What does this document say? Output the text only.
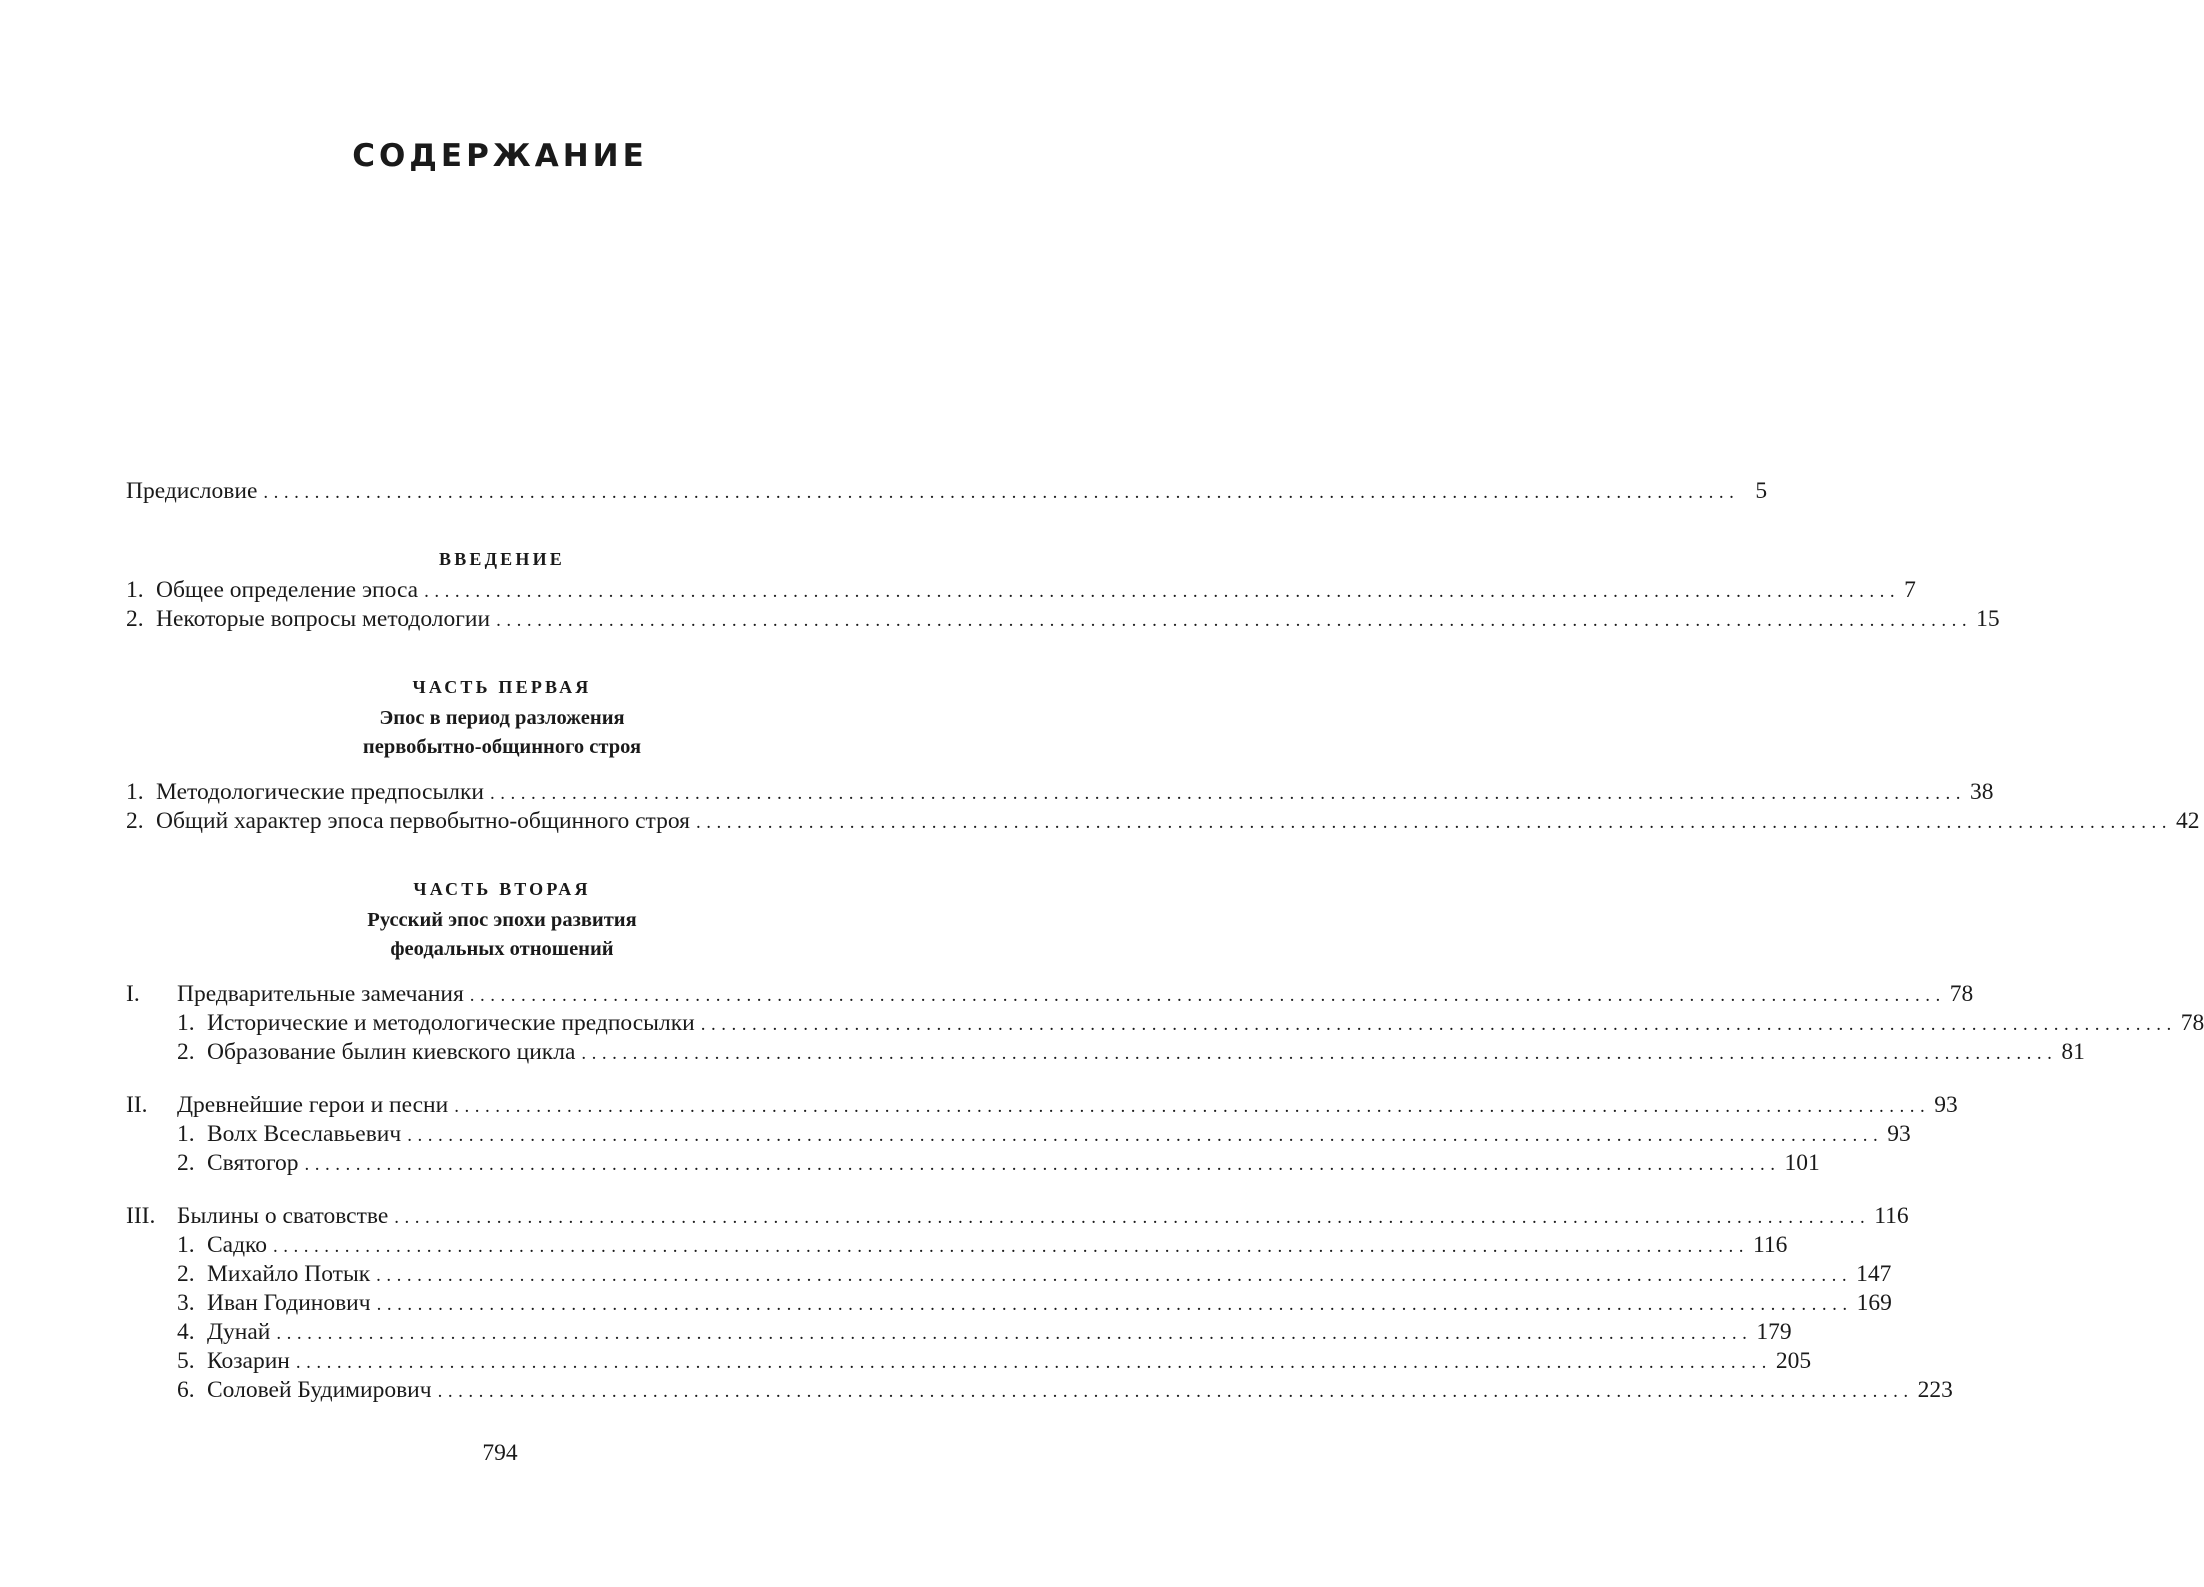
СОДЕРЖАНИЕ
Предисловие ................................................................................................................................................ 5
ВВЕДЕНИЕ
1. Общее определение эпоса ................................................................................................................................................ 7
2. Некоторые вопросы методологии ................................................................................................................................................ 15
ЧАСТЬ ПЕРВАЯ
Эпос в период разложения
первобытно-общинного строя
1. Методологические предпосылки ................................................................................................................................................ 38
2. Общий характер эпоса первобытно-общинного строя ................................................................................................................................................ 42
ЧАСТЬ ВТОРАЯ
Русский эпос эпохи развития
феодальных отношений
I. Предварительные замечания ................................................................................................................................................ 78
1. Исторические и методологические предпосылки ................................................................................................................................................ 78
2. Образование былин киевского цикла ................................................................................................................................................ 81
II. Древнейшие герои и песни ................................................................................................................................................ 93
1. Волх Всеславьевич ................................................................................................................................................ 93
2. Святогор ................................................................................................................................................ 101
III. Былины о сватовстве ................................................................................................................................................ 116
1. Садко ................................................................................................................................................ 116
2. Михайло Потык ................................................................................................................................................ 147
3. Иван Годинович ................................................................................................................................................ 169
4. Дунай ................................................................................................................................................ 179
5. Козарин ................................................................................................................................................ 205
6. Соловей Будимирович ................................................................................................................................................ 223
794
